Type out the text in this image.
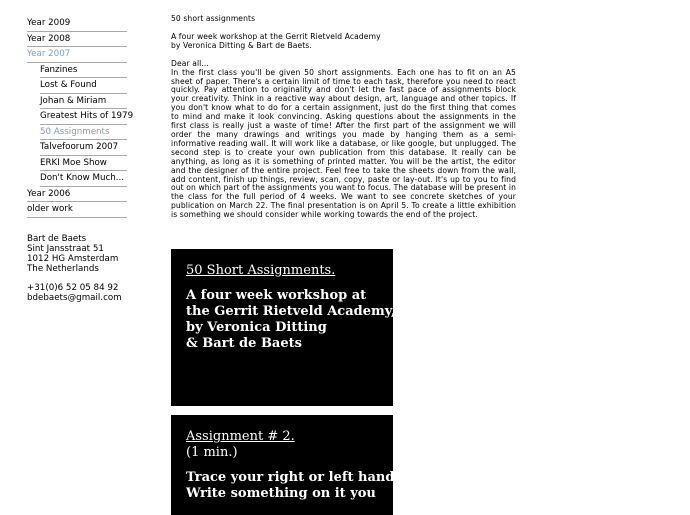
Year 2009
Year 2008
Year 2007
Fanzines
Lost & Found
Johan & Miriam
Greatest Hits of 1979
50 Assignments
Talvefoorum 2007
ERKI Moe Show
Don't Know Much...
Year 2006
older work
Bart de Baets
Sint Jansstraat 51
1012 HG Amsterdam
The Netherlands
+31(0)6 52 05 84 92
bdebaets@gmail.com
50 short assignments
A four week workshop at the Gerrit Rietveld Academy
by Veronica Ditting & Bart de Baets.
Dear all...
In the first class you'll be given 50 short assignments. Each one has to fit on an A5 sheet of paper. There's a certain limit of time to each task, therefore you need to react quickly. Pay attention to originality and don't let the fast pace of assignments block your creativity. Think in a reactive way about design, art, language and other topics. If you don't know what to do for a certain assignment, just do the first thing that comes to mind and make it look convincing. Asking questions about the assignments in the first class is really just a waste of time! After the first part of the assignment we will order the many drawings and writings you made by hanging them as a semi-informative reading wall. It will work like a database, or like google, but unplugged. The second step is to create your own publication from this database. It really can be anything, as long as it is something of printed matter. You will be the artist, the editor and the designer of the entire project. Feel free to take the sheets down from the wall, add content, finish up things, review, scan, copy, paste or lay-out. It's up to you to find out on which part of the assignments you want to focus. The database will be present in the class for the full period of 4 weeks. We want to see concrete sketches of your publication on March 22. The final presentation is on April 5. To create a little exhibition is something we should consider while working towards the end of the project.
50 Short Assignments.
A four week workshop at
the Gerrit Rietveld Academy,
by Veronica Ditting
& Bart de Baets
Assignment # 2.
(1 min.)
Trace your right or left hand.
Write something on it you
